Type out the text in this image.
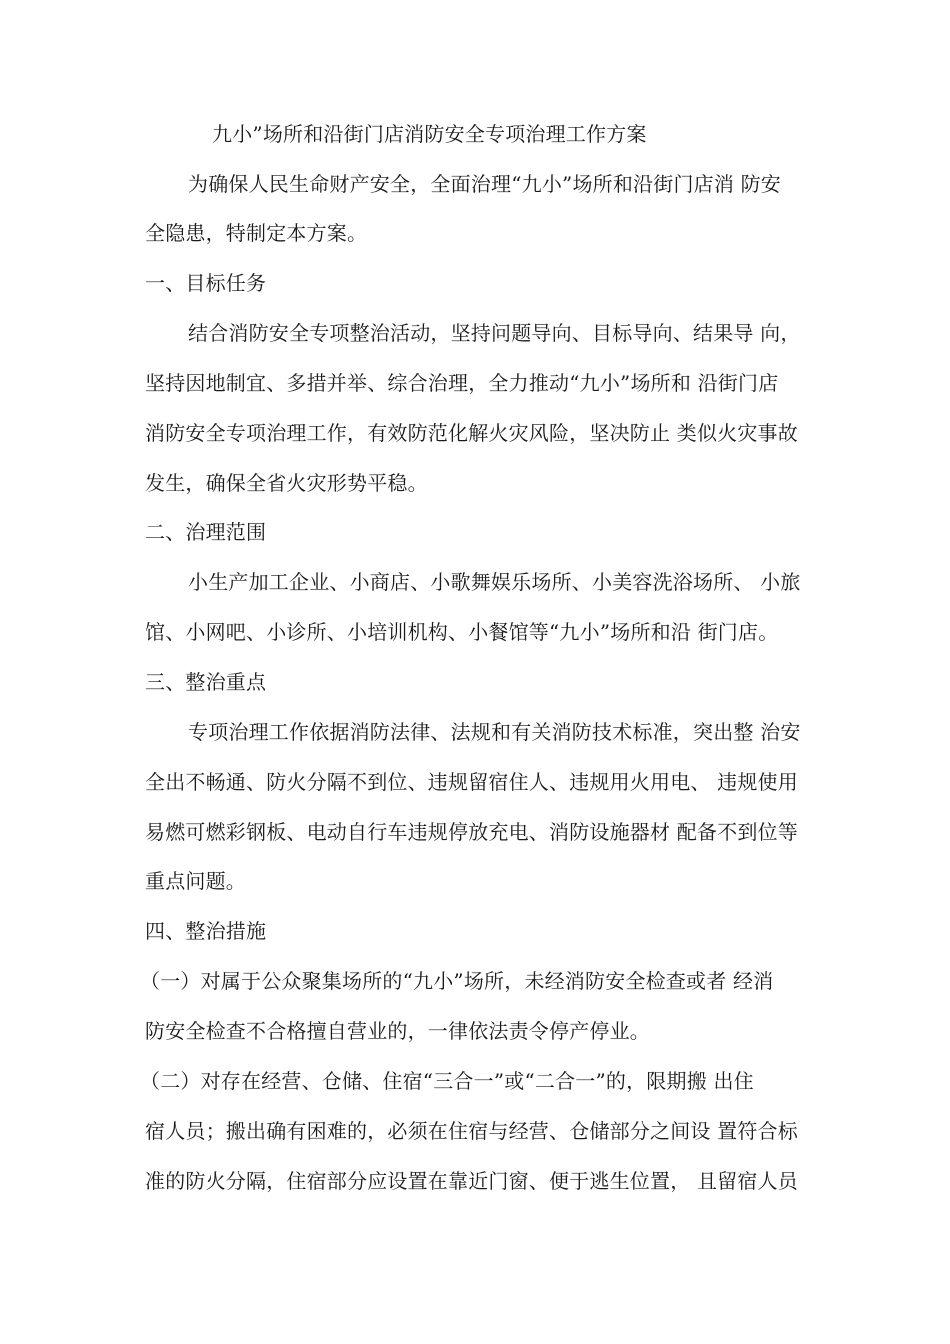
九小”场所和沿街门店消防安全专项治理工作方案
为确保人民生命财产安全，全面治理“九小”场所和沿街门店消 防安
全隐患，特制定本方案。
一、目标任务
结合消防安全专项整治活动，坚持问题导向、目标导向、结果导 向，
坚持因地制宜、多措并举、综合治理，全力推动“九小”场所和 沿街门店
消防安全专项治理工作，有效防范化解火灾风险，坚决防止 类似火灾事故
发生，确保全省火灾形势平稳。
二、治理范围
小生产加工企业、小商店、小歌舞娱乐场所、小美容洗浴场所、 小旅
馆、小网吧、小诊所、小培训机构、小餐馆等“九小”场所和沿 街门店。
三、整治重点
专项治理工作依据消防法律、法规和有关消防技术标准，突出整 治安
全出不畅通、防火分隔不到位、违规留宿住人、违规用火用电、 违规使用
易燃可燃彩钢板、电动自行车违规停放充电、消防设施器材 配备不到位等
重点问题。
四、整治措施
（一）对属于公众聚集场所的“九小”场所，未经消防安全检查或者 经消
防安全检查不合格擅自营业的，一律依法责令停产停业。
（二）对存在经营、仓储、住宿“三合一”或“二合一”的，限期搬 出住
宿人员；搬出确有困难的，必须在住宿与经营、仓储部分之间设 置符合标
准的防火分隔，住宿部分应设置在靠近门窗、便于逃生位置， 且留宿人员
